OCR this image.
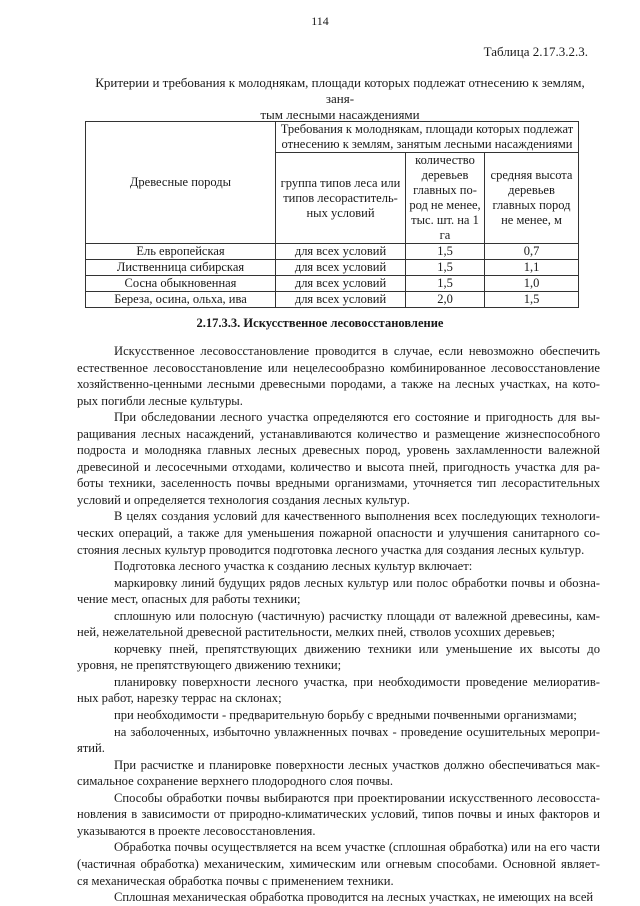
114
Таблица 2.17.3.2.3.
Критерии и требования к молоднякам, площади которых подлежат отнесению к землям, заня-
тым лесными насаждениями
Древесные породы	Требования к молоднякам, площади которых подлежат отнесению к землям, занятым лесными насаждениями		
	группа типов леса или типов лесораститель-ных условий	количество деревьев главных по-род не менее, тыс. шт. на 1 га	средняя высота деревьев главных пород не менее, м
Ель европейская	для всех условий	1,5	0,7
Лиственница сибирская	для всех условий	1,5	1,1
Сосна обыкновенная	для всех условий	1,5	1,0
Береза, осина, ольха, ива	для всех условий	2,0	1,5
2.17.3.3. Искусственное лесовосстановление
Искусственное лесовосстановление проводится в случае, если невозможно обеспечить
естественное лесовосстановление или нецелесообразно комбинированное лесовосстановление
хозяйственно-ценными лесными древесными породами, а также на лесных участках, на кото-
рых погибли лесные культуры.
При обследовании лесного участка определяются его состояние и пригодность для вы-
ращивания лесных насаждений, устанавливаются количество и размещение жизнеспособного
подроста и молодняка главных лесных древесных пород, уровень захламленности валежной
древесиной и лесосечными отходами, количество и высота пней, пригодность участка для ра-
боты техники, заселенность почвы вредными организмами, уточняется тип лесорастительных
условий и определяется технология создания лесных культур.
В целях создания условий для качественного выполнения всех последующих технологи-
ческих операций, а также для уменьшения пожарной опасности и улучшения санитарного со-
стояния лесных культур проводится подготовка лесного участка для создания лесных культур.
Подготовка лесного участка к созданию лесных культур включает:
маркировку линий будущих рядов лесных культур или полос обработки почвы и обозна-
чение мест, опасных для работы техники;
сплошную или полосную (частичную) расчистку площади от валежной древесины, кам-
ней, нежелательной древесной растительности, мелких пней, стволов усохших деревьев;
корчевку пней, препятствующих движению техники или уменьшение их высоты до
уровня, не препятствующего движению техники;
планировку поверхности лесного участка, при необходимости проведение мелиоратив-
ных работ, нарезку террас на склонах;
при необходимости - предварительную борьбу с вредными почвенными организмами;
на заболоченных, избыточно увлажненных почвах - проведение осушительных меропри-
ятий.
При расчистке и планировке поверхности лесных участков должно обеспечиваться мак-
симальное сохранение верхнего плодородного слоя почвы.
Способы обработки почвы выбираются при проектировании искусственного лесовосста-
новления в зависимости от природно-климатических условий, типов почвы и иных факторов и
указываются в проекте лесовосстановления.
Обработка почвы осуществляется на всем участке (сплошная обработка) или на его части
(частичная обработка) механическим, химическим или огневым способами. Основной являет-
ся механическая обработка почвы с применением техники.
Сплошная механическая обработка проводится на лесных участках, не имеющих на всей
